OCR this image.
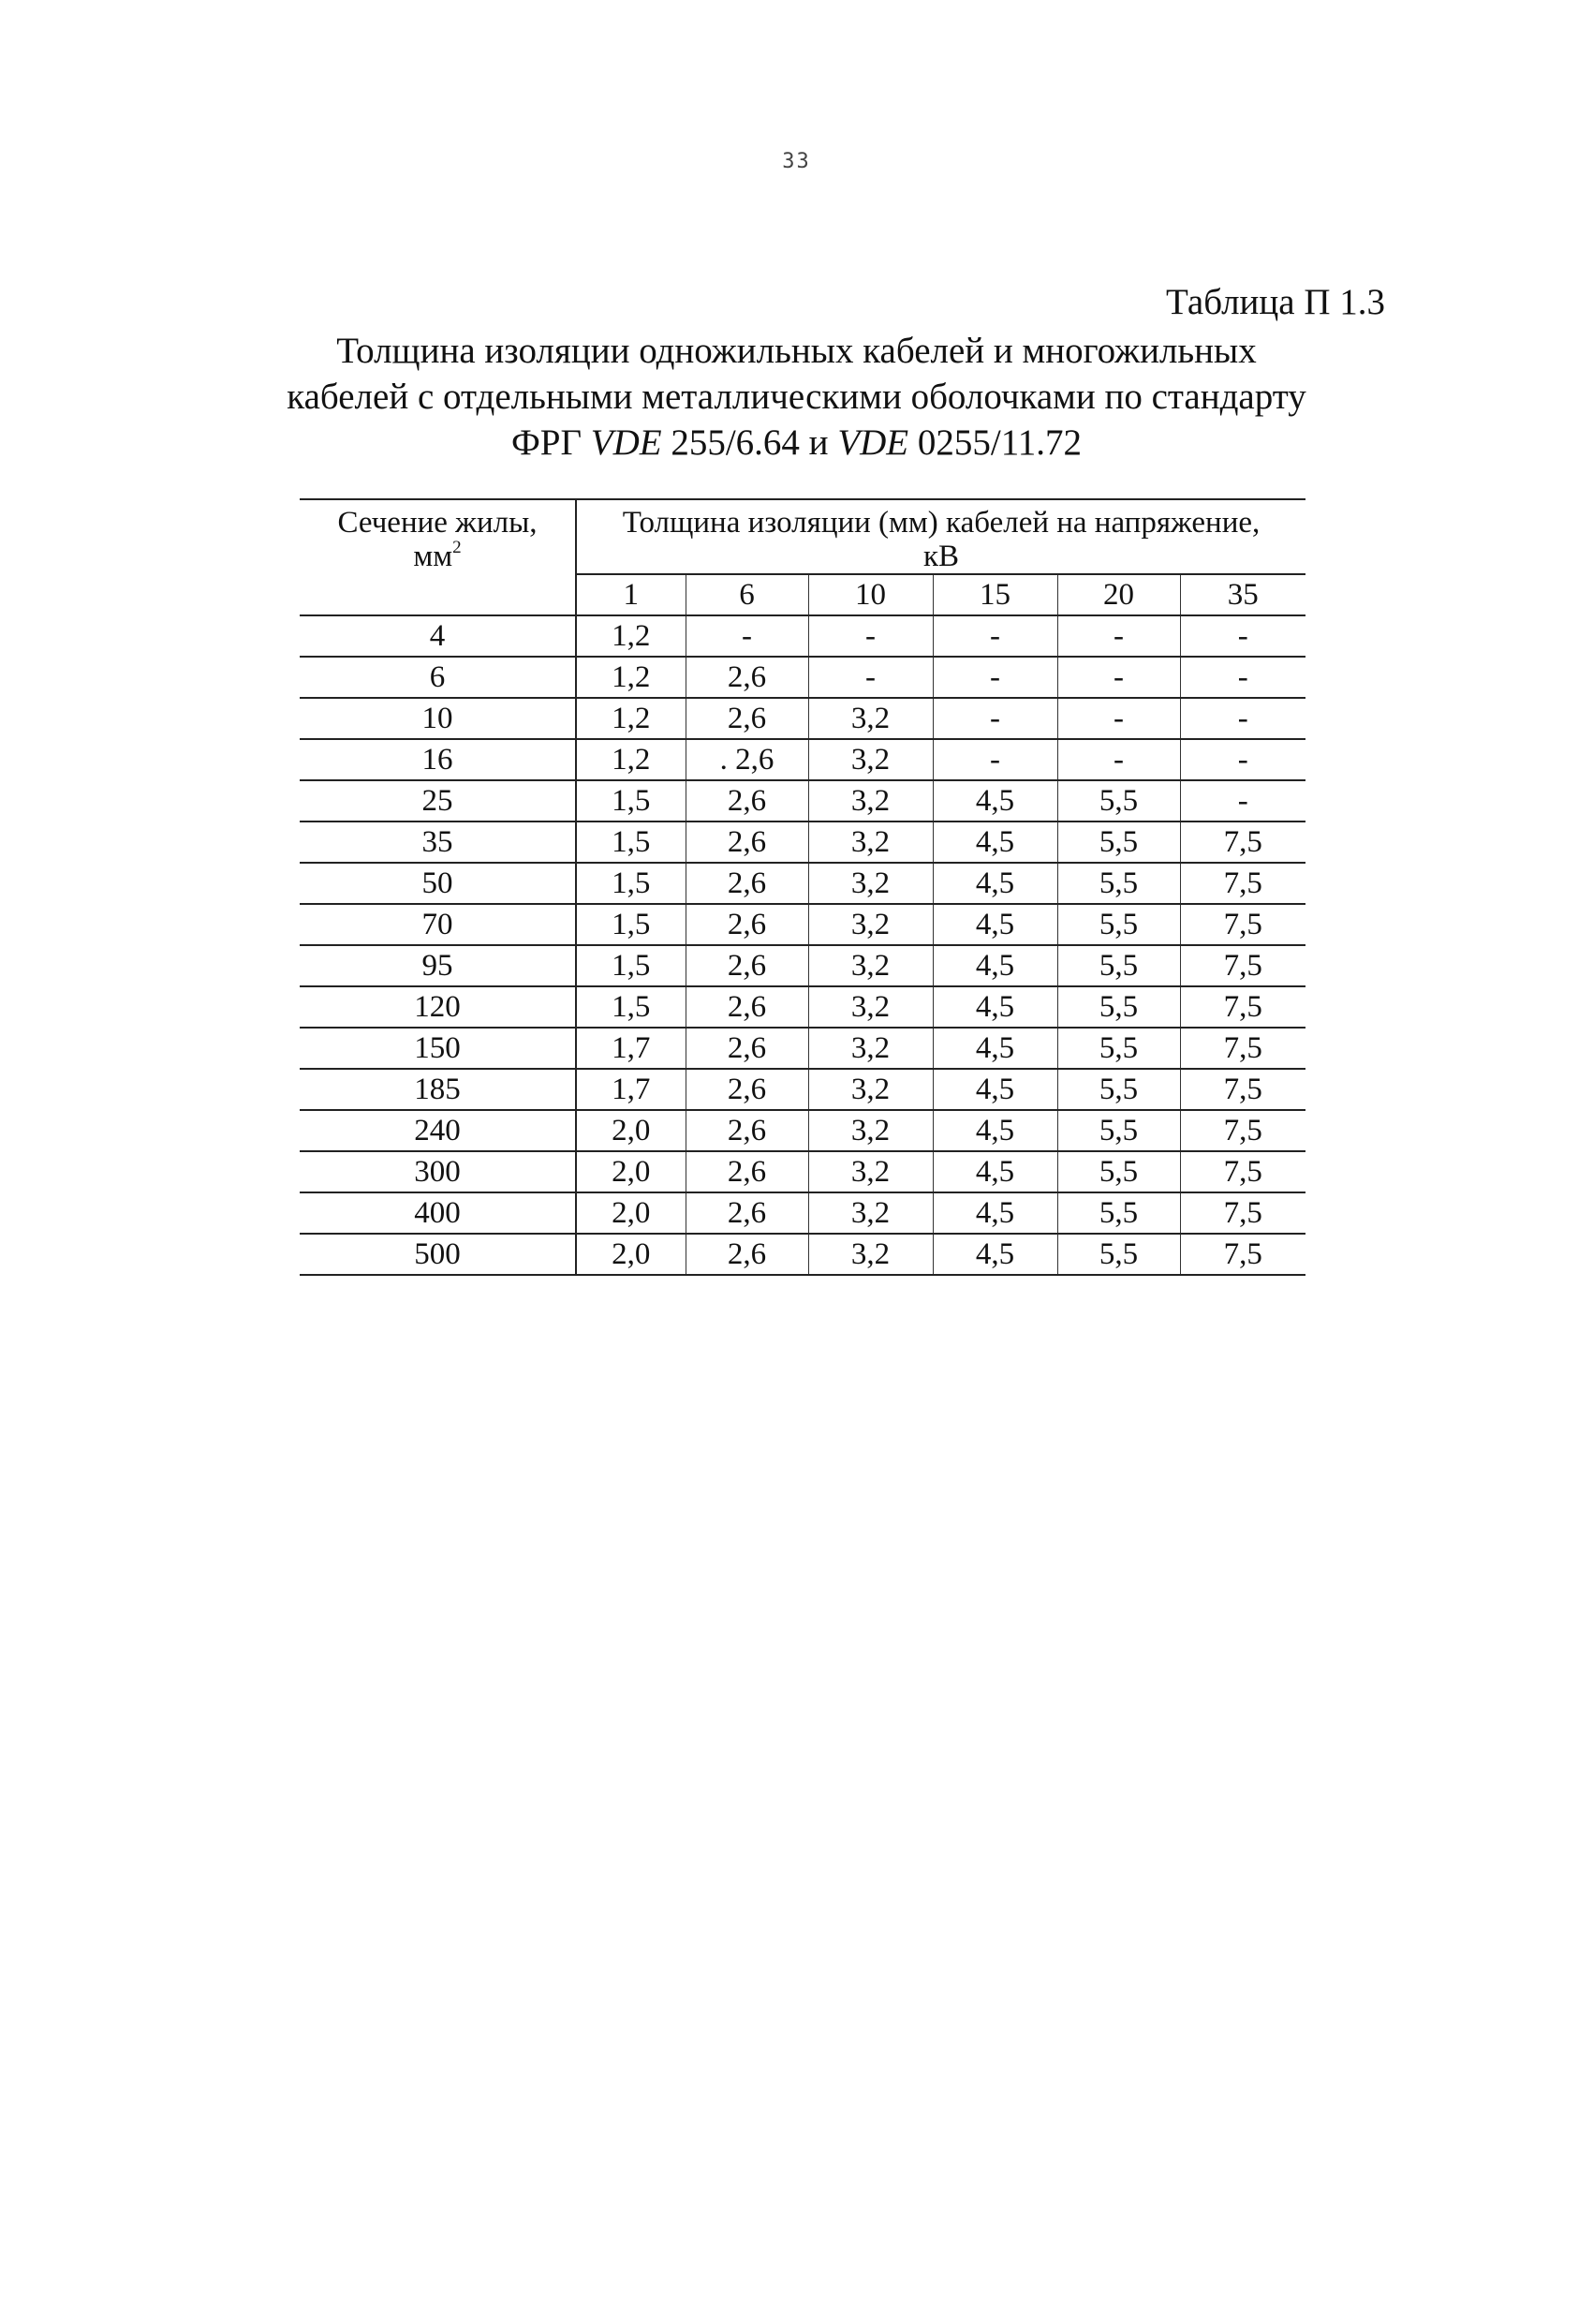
33
Таблица П 1.3
Толщина изоляции одножильных кабелей и многожильных
кабелей с отдельными металлическими оболочками по стандарту
ФРГ VDE 255/6.64 и VDE 0255/11.72
Сечение жилы,
$мм^2$	Толщина изоляции (мм) кабелей на напряжение,
кВ					
	1	6	10	15	20	35
4	1,2	-	-	-	-	-
6	1,2	2,6	-	-	-	-
10	1,2	2,6	3,2	-	-	-
16	1,2	. 2,6	3,2	-	-	-
25	1,5	2,6	3,2	4,5	5,5	-
35	1,5	2,6	3,2	4,5	5,5	7,5
50	1,5	2,6	3,2	4,5	5,5	7,5
70	1,5	2,6	3,2	4,5	5,5	7,5
95	1,5	2,6	3,2	4,5	5,5	7,5
120	1,5	2,6	3,2	4,5	5,5	7,5
150	1,7	2,6	3,2	4,5	5,5	7,5
185	1,7	2,6	3,2	4,5	5,5	7,5
240	2,0	2,6	3,2	4,5	5,5	7,5
300	2,0	2,6	3,2	4,5	5,5	7,5
400	2,0	2,6	3,2	4,5	5,5	7,5
500	2,0	2,6	3,2	4,5	5,5	7,5
